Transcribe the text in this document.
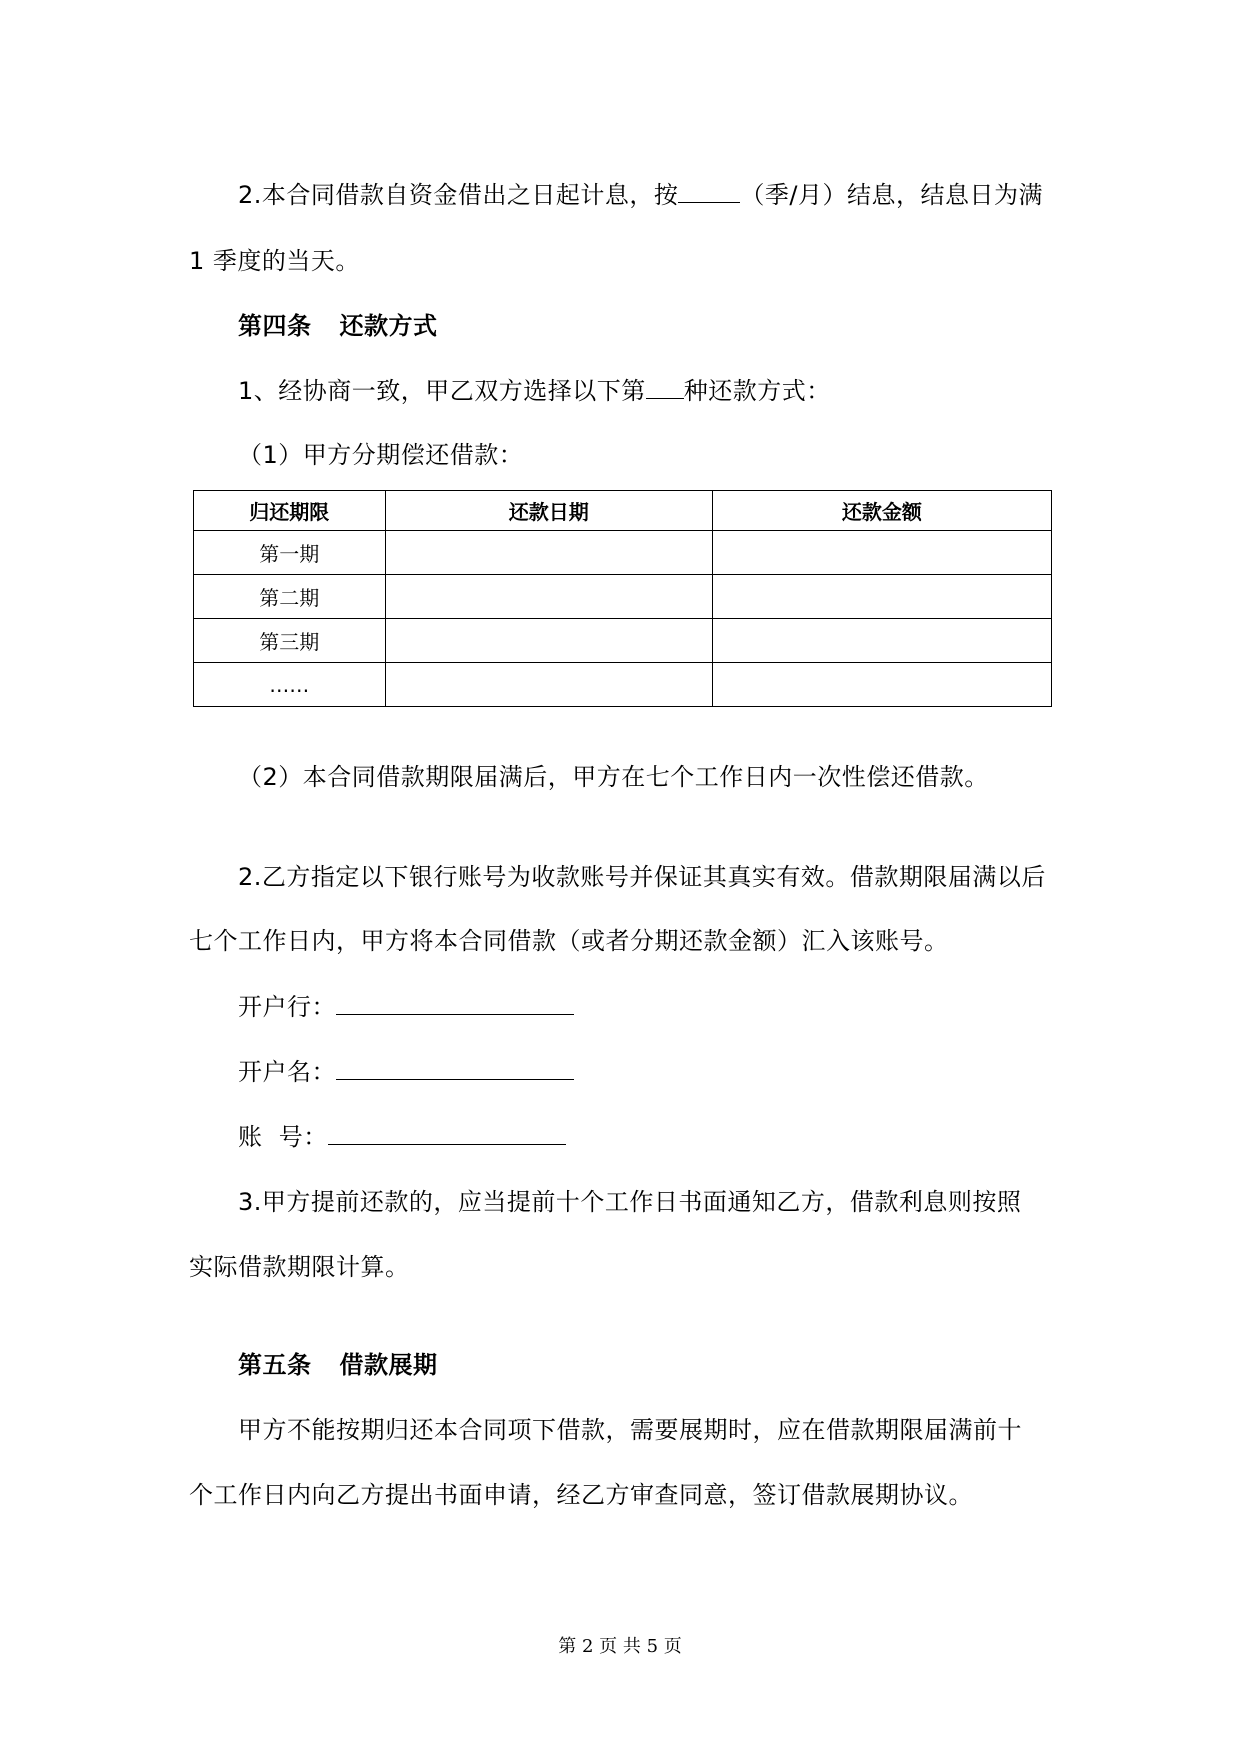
2.本合同借款自资金借出之日起计息，按	（季/月）结息，结息日为满
1 季度的当天。
第四条 还款方式
1、经协商一致，甲乙双方选择以下第 种还款方式：
（1）甲方分期偿还借款：
归还期限	还款日期	还款金额
第一期		
第二期		
第三期		
……		
（2）本合同借款期限届满后，甲方在七个工作日内一次性偿还借款。
2.乙方指定以下银行账号为收款账号并保证其真实有效。借款期限届满以后
七个工作日内，甲方将本合同借款（或者分期还款金额）汇入该账号。
开户行：
开户名：
账  号：
3.甲方提前还款的，应当提前十个工作日书面通知乙方，借款利息则按照
实际借款期限计算。
第五条 借款展期
甲方不能按期归还本合同项下借款，需要展期时，应在借款期限届满前十
个工作日内向乙方提出书面申请，经乙方审查同意，签订借款展期协议。
第 2 页 共 5 页
